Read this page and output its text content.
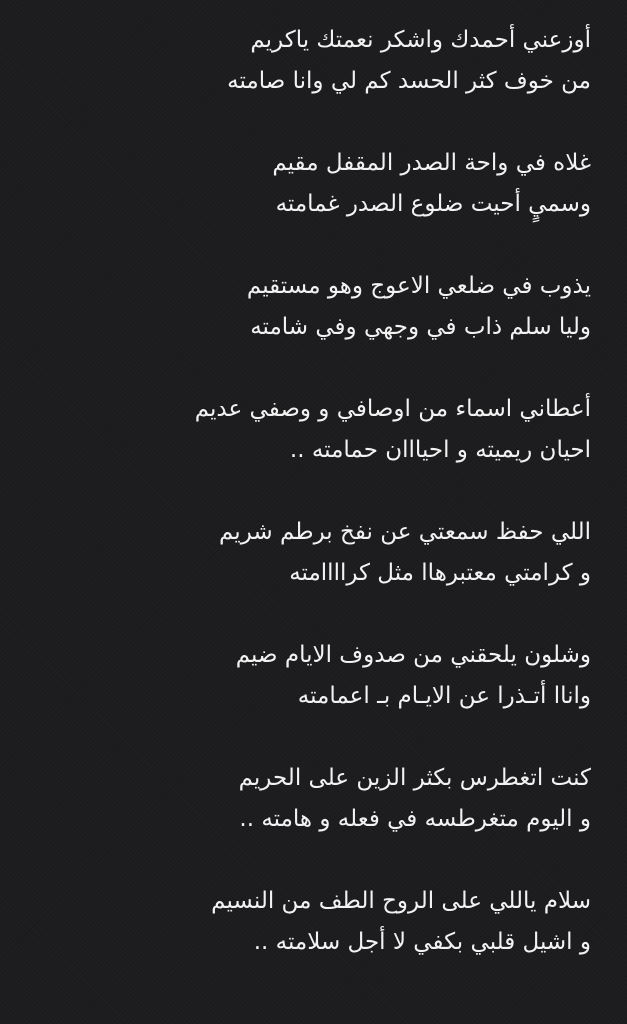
أوزعني أحمدك واشكر نعمتك ياكريم
من خوف كثر الحسد كم لي وانا صامته
غلاه في واحة الصدر المقفل مقيم
وسميٍ أحيت ضلوع الصدر غمامته
يذوب في ضلعي الاعوج وهو مستقيم
وليا سلم ذاب في وجهي وفي شامته
أعطاني اسماء من اوصافي و وصفي عديم
احيان ريميته و احيااان حمامته ..
اللي حفظ سمعتي عن نفخ برطم شريم
و كرامتي معتبرهاا مثل كراااامته
وشلون يلحقني من صدوف الايام ضيم
واناا أتـذرا عن الايـام بـ اعمامته
كنت اتغطرس بكثر الزين على الحريم
و اليوم متغرطسه في فعله و هامته ..
سلام ياللي على الروح الطف من النسيم
و اشيل قلبي بكفي لا أجل سلامته ..
